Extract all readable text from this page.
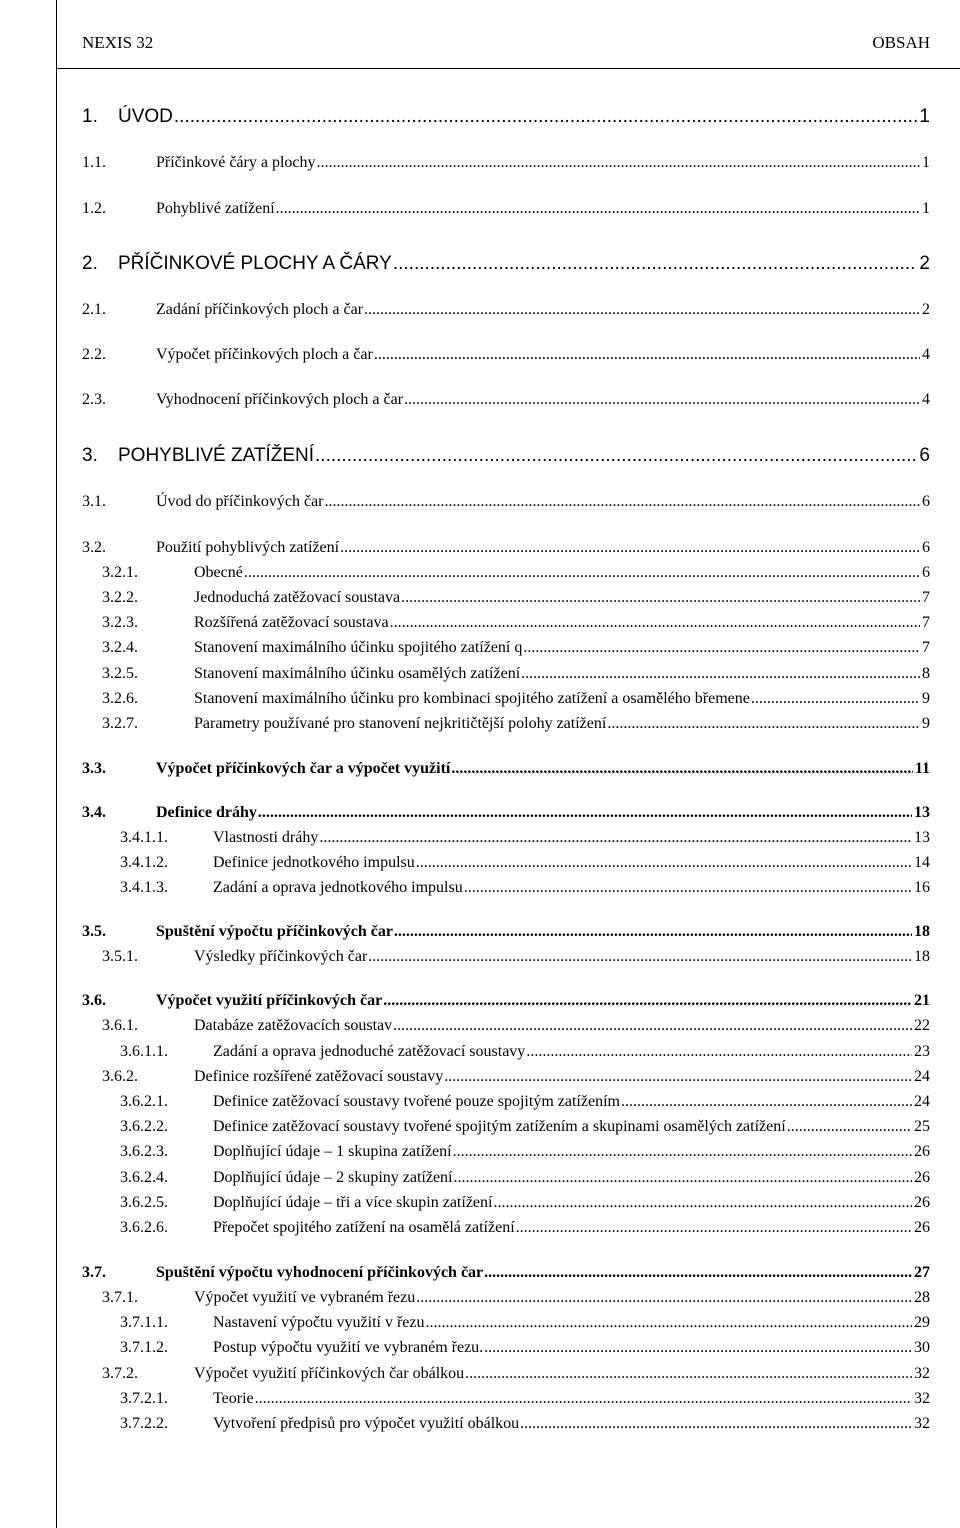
NEXIS 32	OBSAH
1.	ÚVOD .....	1
1.1.	Příčinkové čáry a plochy .....	1
1.2.	Pohyblivé zatížení .....	1
2.	PŘÍČINKOVÉ PLOCHY A ČÁRY .....	2
2.1.	Zadání příčinkových ploch a čar .....	2
2.2.	Výpočet příčinkových ploch a čar .....	4
2.3.	Vyhodnocení příčinkových ploch a čar .....	4
3.	POHYBLIVÉ ZATÍŽENÍ .....	6
3.1.	Úvod do příčinkových čar .....	6
3.2.	Použití pohyblivých zatížení .....	6
3.2.1.	Obecné .....	6
3.2.2.	Jednoduchá zatěžovací soustava .....	7
3.2.3.	Rozšířená zatěžovací soustava .....	7
3.2.4.	Stanovení maximálního účinku spojitého zatížení q .....	7
3.2.5.	Stanovení maximálního účinku osamělých zatížení .....	8
3.2.6.	Stanovení maximálního účinku pro kombinaci spojitého zatížení a osamělého břemene .....	9
3.2.7.	Parametry používané pro stanovení nejkritičtější polohy zatížení .....	9
3.3.	Výpočet příčinkových čar a výpočet využití .....	11
3.4.	Definice dráhy .....	13
3.4.1.1.	Vlastnosti dráhy .....	13
3.4.1.2.	Definice jednotkového impulsu .....	14
3.4.1.3.	Zadání a oprava jednotkového impulsu .....	16
3.5.	Spuštění výpočtu příčinkových čar .....	18
3.5.1.	Výsledky příčinkových čar .....	18
3.6.	Výpočet využití příčinkových čar .....	21
3.6.1.	Databáze zatěžovacích soustav .....	22
3.6.1.1.	Zadání a oprava jednoduché zatěžovací soustavy .....	23
3.6.2.	Definice rozšířené zatěžovací soustavy .....	24
3.6.2.1.	Definice zatěžovací soustavy tvořené pouze spojitým zatížením .....	24
3.6.2.2.	Definice zatěžovací soustavy tvořené spojitým zatížením a skupinami osamělých zatížení .....	25
3.6.2.3.	Doplňující údaje – 1 skupina zatížení .....	26
3.6.2.4.	Doplňující údaje – 2 skupiny zatížení .....	26
3.6.2.5.	Doplňující údaje – tři a více skupin zatížení .....	26
3.6.2.6.	Přepočet spojitého zatížení na osamělá zatížení .....	26
3.7.	Spuštění výpočtu vyhodnocení příčinkových čar .....	27
3.7.1.	Výpočet využití ve vybraném řezu .....	28
3.7.1.1.	Nastavení výpočtu využití v řezu .....	29
3.7.1.2.	Postup výpočtu využití ve vybraném řezu. .....	30
3.7.2.	Výpočet využití příčinkových čar obálkou .....	32
3.7.2.1.	Teorie .....	32
3.7.2.2.	Vytvoření předpisů pro výpočet využití obálkou .....	32
